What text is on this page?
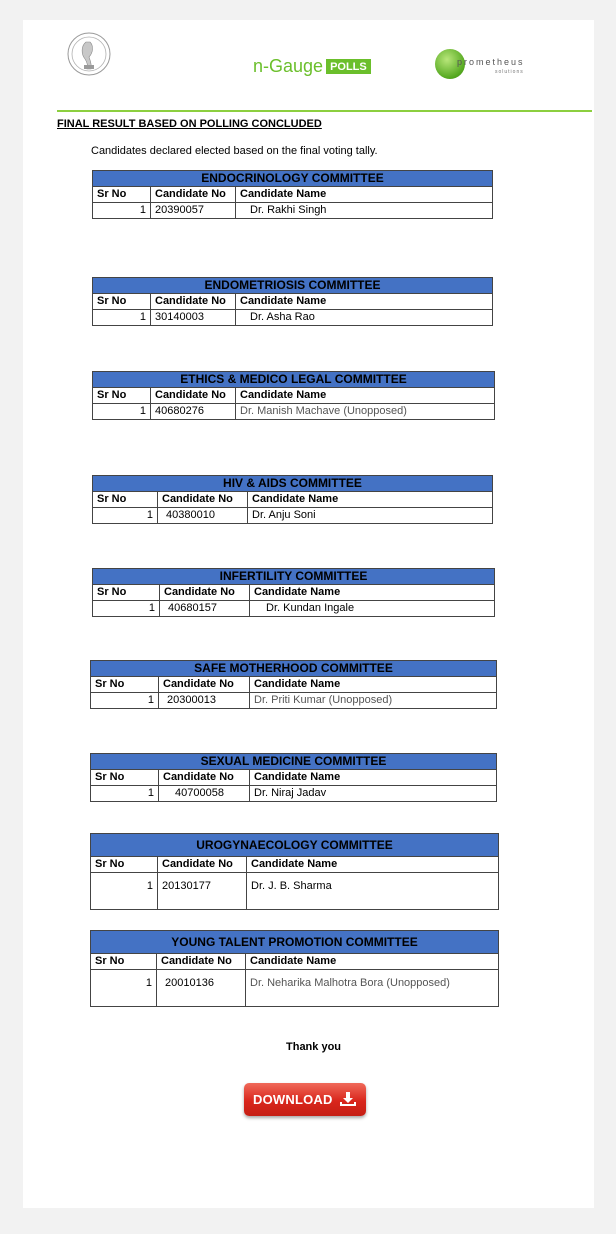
n-Gauge POLLS	prometheus
solutions
FINAL RESULT BASED ON POLLING CONCLUDED
Candidates declared elected based on the final voting tally.
ENDOCRINOLOGY COMMITTEE		
Sr No	Candidate No	Candidate Name
1	20390057	Dr. Rakhi Singh
ENDOMETRIOSIS COMMITTEE		
Sr No	Candidate No	Candidate Name
1	30140003	Dr. Asha Rao
ETHICS & MEDICO LEGAL COMMITTEE		
Sr No	Candidate No	Candidate Name
1	40680276	Dr. Manish Machave (Unopposed)
HIV & AIDS COMMITTEE		
Sr No	Candidate No	Candidate Name
1	40380010	Dr. Anju Soni
INFERTILITY COMMITTEE		
Sr No	Candidate No	Candidate Name
1	40680157	Dr. Kundan Ingale
SAFE MOTHERHOOD COMMITTEE		
Sr No	Candidate No	Candidate Name
1	20300013	Dr. Priti Kumar (Unopposed)
SEXUAL MEDICINE COMMITTEE		
Sr No	Candidate No	Candidate Name
1	40700058	Dr. Niraj Jadav
UROGYNAECOLOGY COMMITTEE		
Sr No	Candidate No	Candidate Name
1	20130177	Dr. J. B. Sharma
YOUNG TALENT PROMOTION COMMITTEE		
Sr No	Candidate No	Candidate Name
1	20010136	Dr. Neharika Malhotra Bora (Unopposed)
Thank you
DOWNLOAD
